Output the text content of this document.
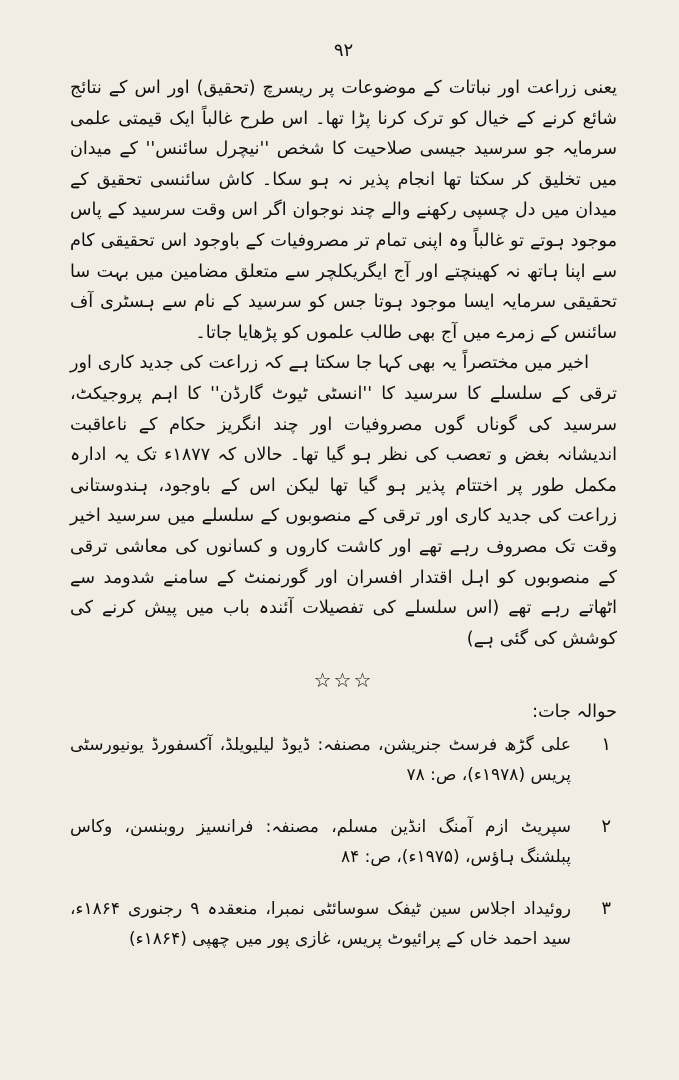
۹۲

یعنی زراعت اور نباتات کے موضوعات پر ریسرچ (تحقیق) اور اس کے نتائج شائع کرنے کے خیال کو ترک کرنا پڑا تھا۔ اس طرح غالباً ایک قیمتی علمی سرمایہ جو سرسید جیسی صلاحیت کا شخص ''نیچرل سائنس'' کے میدان میں تخلیق کر سکتا تھا انجام پذیر نہ ہو سکا۔ کاش سائنسی تحقیق کے میدان میں دل چسپی رکھنے والے چند نوجوان اگر اس وقت سرسید کے پاس موجود ہوتے تو غالباً وہ اپنی تمام تر مصروفیات کے باوجود اس تحقیقی کام سے اپنا ہاتھ نہ کھینچتے اور آج ایگریکلچر سے متعلق مضامین میں بہت سا تحقیقی سرمایہ ایسا موجود ہوتا جس کو سرسید کے نام سے ہسٹری آف سائنس کے زمرے میں آج بھی طالب علموں کو پڑھایا جاتا۔

اخیر میں مختصراً یہ بھی کہا جا سکتا ہے کہ زراعت کی جدید کاری اور ترقی کے سلسلے کا سرسید کا ''انسٹی ٹیوٹ گارڈن'' کا اہم پروجیکٹ، سرسید کی گوناں گوں مصروفیات اور چند انگریز حکام کے ناعاقبت اندیشانہ بغض و تعصب کی نظر ہو گیا تھا۔ حالاں کہ ۱۸۷۷ء تک یہ ادارہ مکمل طور پر اختتام پذیر ہو گیا تھا لیکن اس کے باوجود، ہندوستانی زراعت کی جدید کاری اور ترقی کے منصوبوں کے سلسلے میں سرسید اخیر وقت تک مصروف رہے تھے اور کاشت کاروں و کسانوں کی معاشی ترقی کے منصوبوں کو اہل اقتدار افسران اور گورنمنٹ کے سامنے شدومد سے اٹھاتے رہے تھے (اس سلسلے کی تفصیلات آئندہ باب میں پیش کرنے کی کوشش کی گئی ہے)

☆☆☆
حوالہ جات:
۱
علی گڑھ فرسٹ جنریشن، مصنفہ: ڈیوڈ لیلیویلڈ، آکسفورڈ یونیورسٹی پریس (۱۹۷۸ء)، ص: ۷۸
۲
سپریٹ ازم آمنگ انڈین مسلم، مصنفہ: فرانسیز روبنسن، وکاس پبلشنگ ہاؤس، (۱۹۷۵ء)، ص: ۸۴
۳
روئیداد اجلاس سین ٹیفک سوسائٹی نمبرا، منعقدہ ۹ رجنوری ۱۸۶۴ء، سید احمد خاں کے پرائیوٹ پریس، غازی پور میں چھپی (۱۸۶۴ء)
